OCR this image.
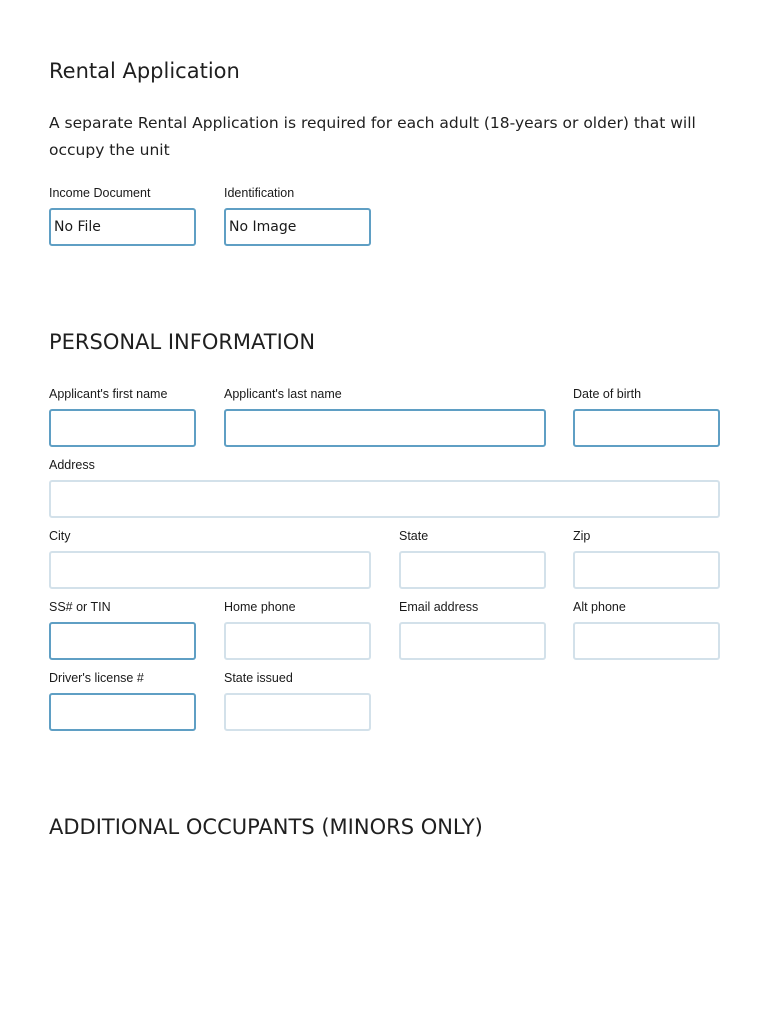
Rental Application
A separate Rental Application is required for each adult (18-years or older) that will occupy the unit
Income Document
No File
Identification
No Image
PERSONAL INFORMATION
Applicant's first name	Applicant's last name	Date of birth
Address
City	State	Zip
SS# or TIN	Home phone	Email address	Alt phone
Driver's license #	State issued
ADDITIONAL OCCUPANTS (MINORS ONLY)
